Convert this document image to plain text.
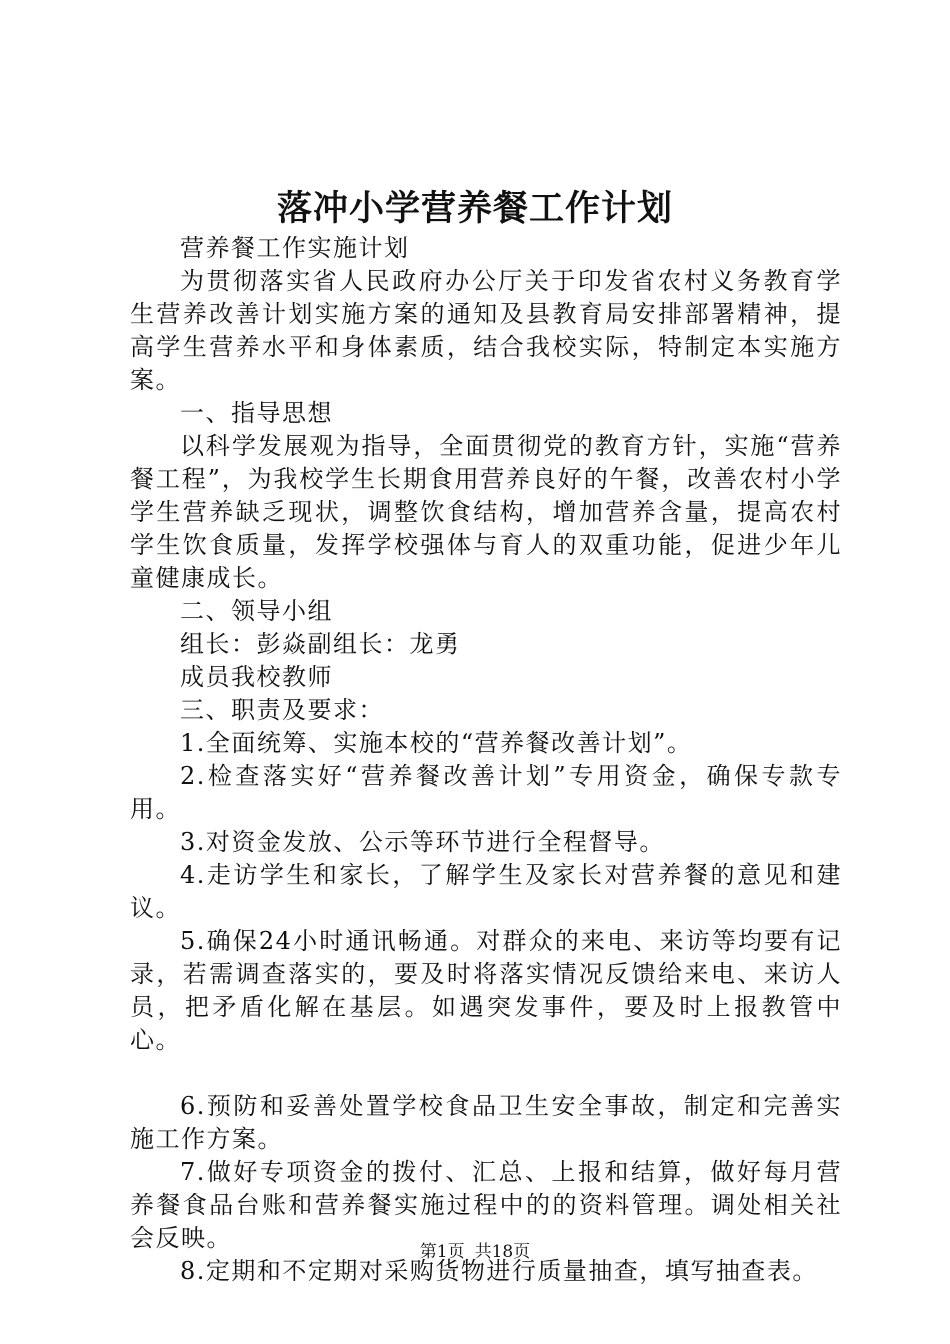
落冲小学营养餐工作计划

营养餐工作实施计划

为贯彻落实省人民政府办公厅关于印发省农村义务教育学生营养改善计划实施方案的通知及县教育局安排部署精神，提高学生营养水平和身体素质，结合我校实际，特制定本实施方案。

一、指导思想

以科学发展观为指导，全面贯彻党的教育方针，实施“营养餐工程”，为我校学生长期食用营养良好的午餐，改善农村小学学生营养缺乏现状，调整饮食结构，增加营养含量，提高农村学生饮食质量，发挥学校强体与育人的双重功能，促进少年儿童健康成长。

二、领导小组

组长：彭焱副组长：龙勇

成员我校教师

三、职责及要求：

1.全面统筹、实施本校的“营养餐改善计划”。

2.检查落实好“营养餐改善计划”专用资金，确保专款专用。

3.对资金发放、公示等环节进行全程督导。

4.走访学生和家长，了解学生及家长对营养餐的意见和建议。

5.确保24小时通讯畅通。对群众的来电、来访等均要有记录，若需调查落实的，要及时将落实情况反馈给来电、来访人员，把矛盾化解在基层。如遇突发事件，要及时上报教管中心。

6.预防和妥善处置学校食品卫生安全事故，制定和完善实施工作方案。

7.做好专项资金的拨付、汇总、上报和结算，做好每月营养餐食品台账和营养餐实施过程中的的资料管理。调处相关社会反映。

8.定期和不定期对采购货物进行质量抽查，填写抽查表。

第1页 共18页
